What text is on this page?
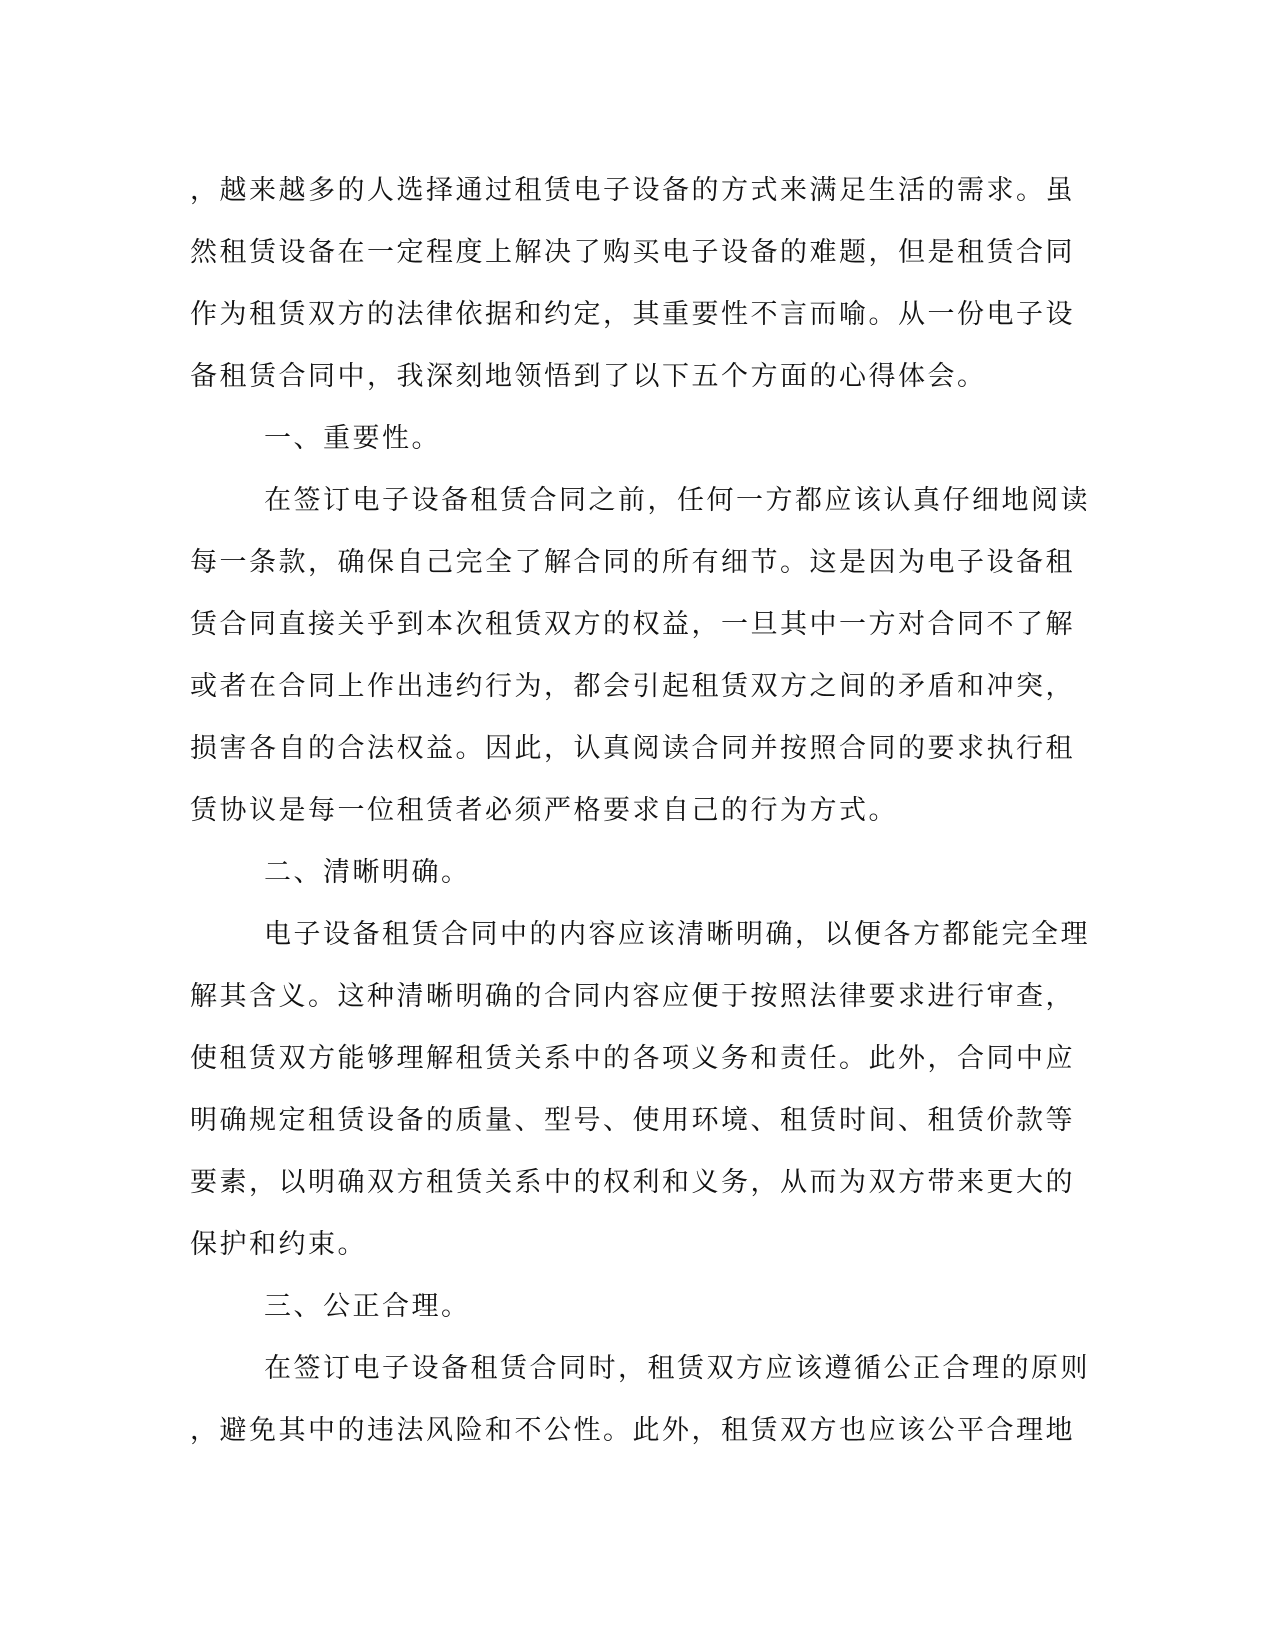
，越来越多的人选择通过租赁电子设备的方式来满足生活的需求。虽
然租赁设备在一定程度上解决了购买电子设备的难题，但是租赁合同
作为租赁双方的法律依据和约定，其重要性不言而喻。从一份电子设
备租赁合同中，我深刻地领悟到了以下五个方面的心得体会。
一、重要性。
在签订电子设备租赁合同之前，任何一方都应该认真仔细地阅读
每一条款，确保自己完全了解合同的所有细节。这是因为电子设备租
赁合同直接关乎到本次租赁双方的权益，一旦其中一方对合同不了解
或者在合同上作出违约行为，都会引起租赁双方之间的矛盾和冲突，
损害各自的合法权益。因此，认真阅读合同并按照合同的要求执行租
赁协议是每一位租赁者必须严格要求自己的行为方式。
二、清晰明确。
电子设备租赁合同中的内容应该清晰明确，以便各方都能完全理
解其含义。这种清晰明确的合同内容应便于按照法律要求进行审查，
使租赁双方能够理解租赁关系中的各项义务和责任。此外，合同中应
明确规定租赁设备的质量、型号、使用环境、租赁时间、租赁价款等
要素，以明确双方租赁关系中的权利和义务，从而为双方带来更大的
保护和约束。
三、公正合理。
在签订电子设备租赁合同时，租赁双方应该遵循公正合理的原则
，避免其中的违法风险和不公性。此外，租赁双方也应该公平合理地
